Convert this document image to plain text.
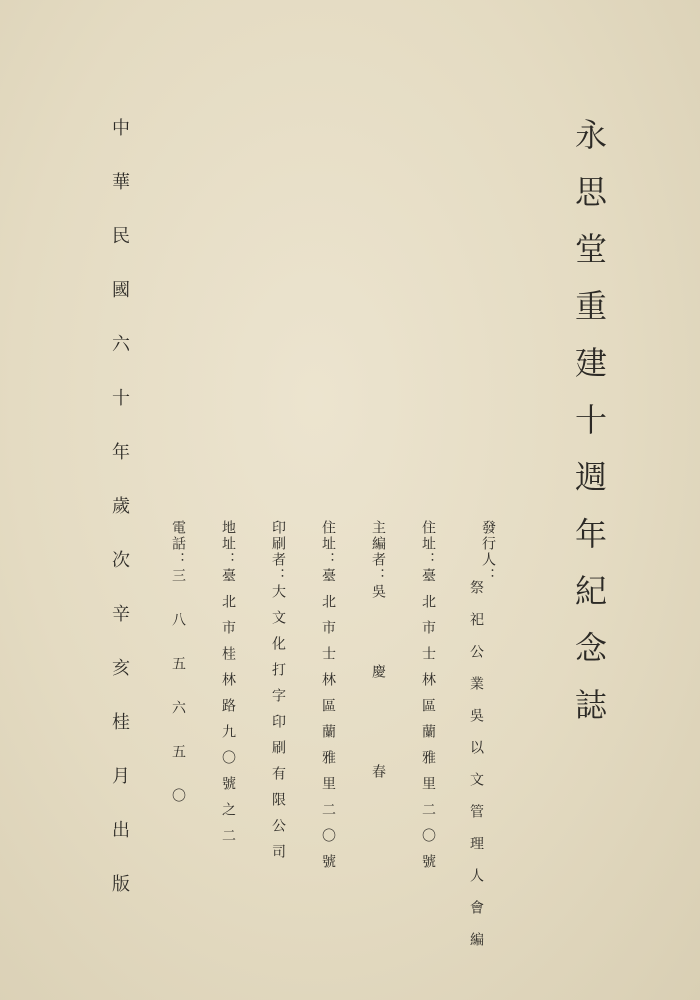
永思堂重建十週年紀念誌
發行人：
祭祀公業吳以文管理人會編
住址：臺北市士林區蘭雅里二〇號
主編者：吳　　　慶　　　　春
住址：臺北市士林區蘭雅里二〇號
印刷者：大文化打字印刷有限公司
地址：臺北市桂林路九〇號之二
電話：三八五六五〇
中華民國六十年歲次辛亥桂月出版
